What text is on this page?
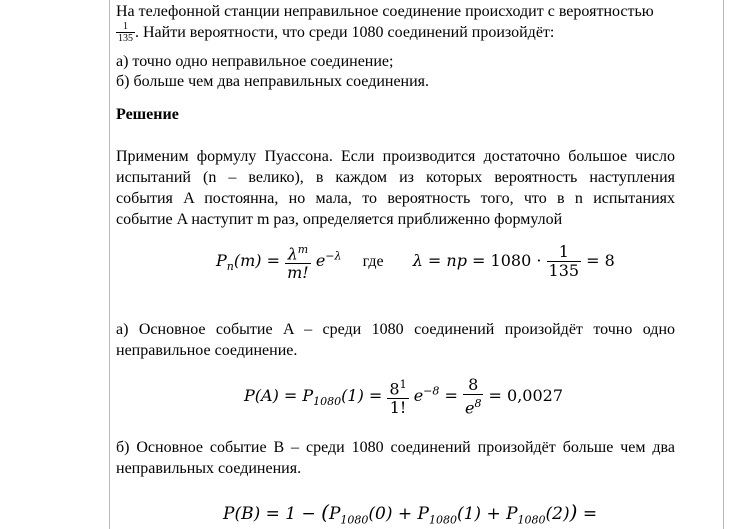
На телефонной станции неправильное соединение происходит с вероятностью
$\frac{1}{135}$ . Найти вероятности, что среди 1080 соединений произойдёт:
а) точно одно неправильное соединение;
б) больше чем два неправильных соединения.
Решение
Применим формулу Пуассона. Если производится достаточно большое число
испытаний (n – велико), в каждом из которых вероятность наступления
события A постоянна, но мала, то вероятность того, что в n испытаниях
событие A наступит m раз, определяется приближенно формулой
$P_n(m) = \frac{\lambda^m}{m!} e^{-\lambda}$ где λ = np = $1080 \cdot \frac{1}{135} = 8$
а) Основное событие A – среди 1080 соединений произойдёт точно одно
неправильное соединение.
$P(A) = P_{1080}(1) = \frac{8^1}{1!} e^{-8} = \frac{8}{e^8} = 0,0027$
б) Основное событие B – среди 1080 соединений произойдёт больше чем два
неправильных соединения.
$P(B) = 1 - (P_{1080}(0) + P_{1080}(1) + P_{1080}(2))$ =
